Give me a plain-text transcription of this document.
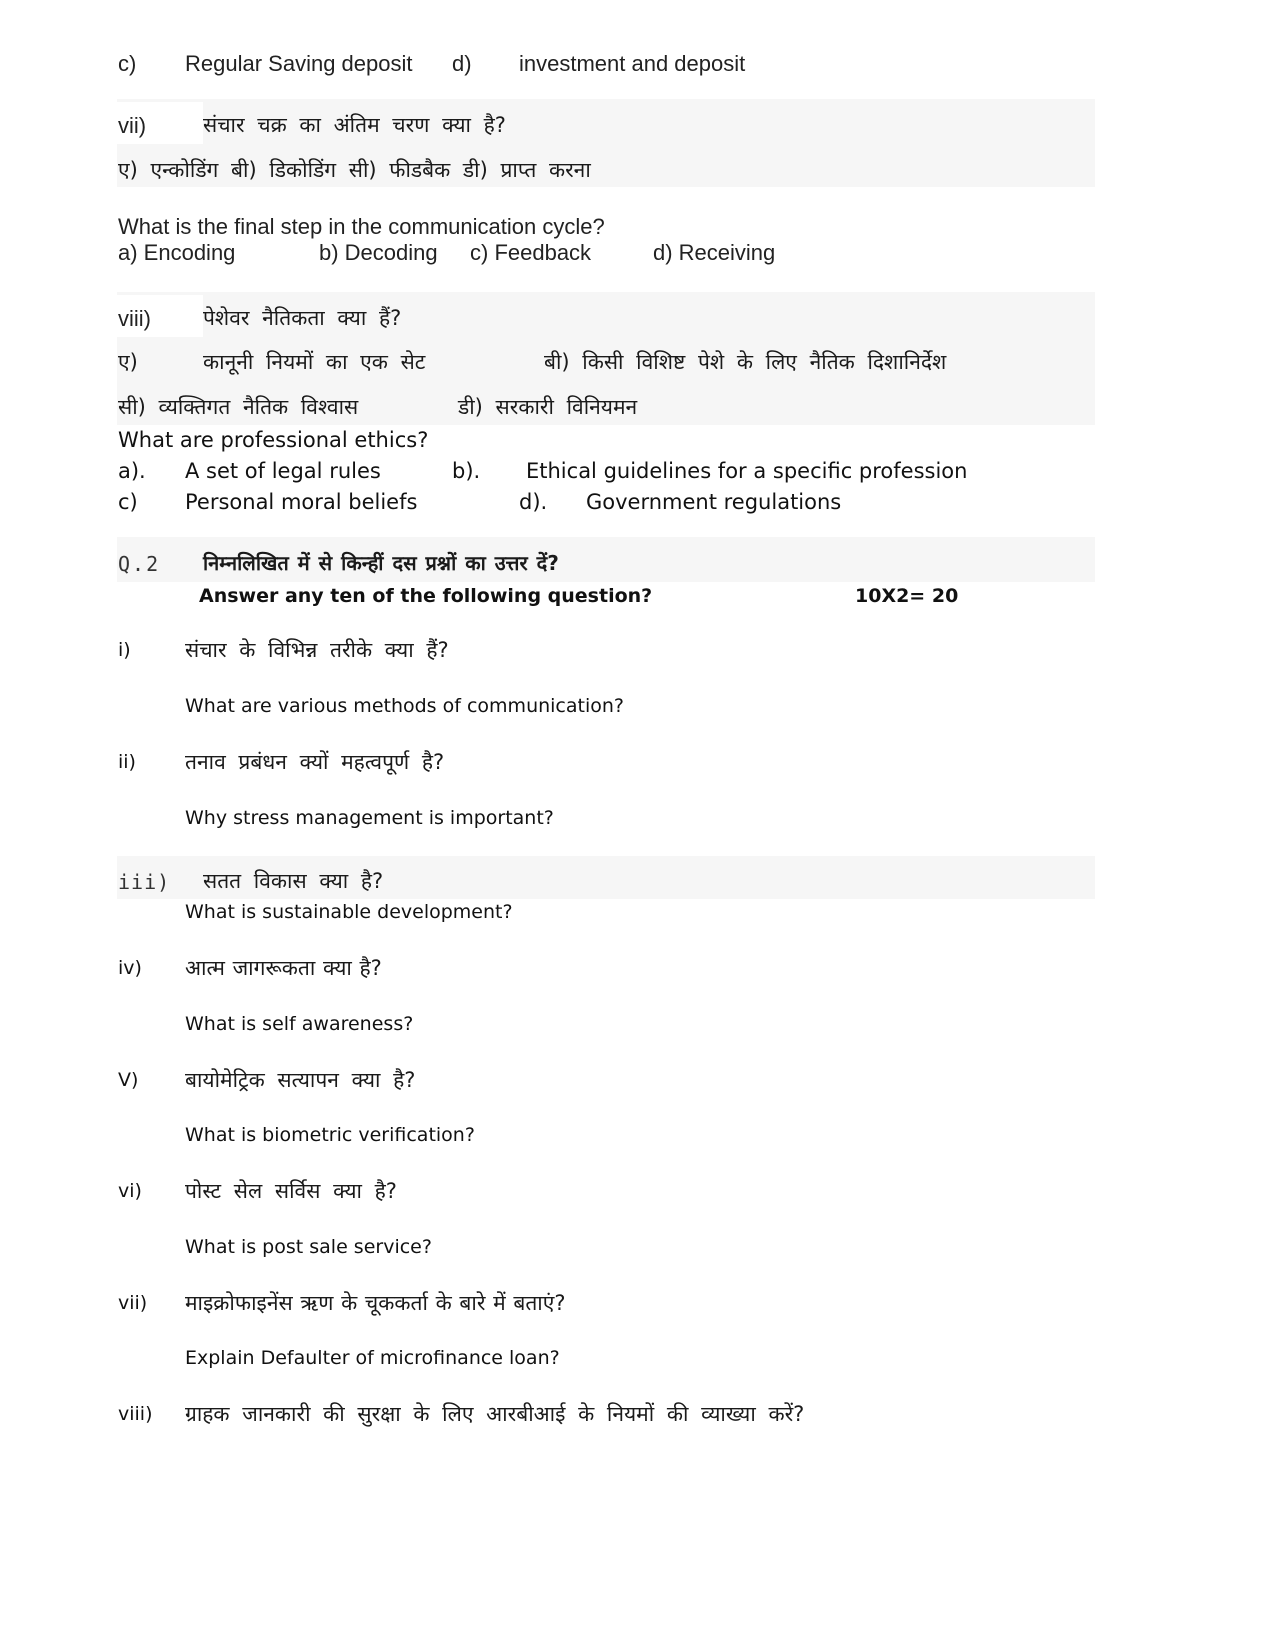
c) Regular Saving deposit d) investment and deposit
vii)	संचार चक्र का अंतिम चरण क्या है?
ए) एन्कोडिंग बी) डिकोडिंग सी) फीडबैक डी) प्राप्त करना
What is the final step in the communication cycle?
a) Encoding	b) Decoding c) Feedback	d) Receiving
viii) पेशेवर नैतिकता क्या हैं?
ए)	कानूनी नियमों का एक सेट	बी) किसी विशिष्ट पेशे के लिए नैतिक दिशानिर्देश
सी) व्यक्तिगत नैतिक विश्वास	डी) सरकारी विनियमन
What are professional ethics?
a). A set of legal rules	b). Ethical guidelines for a specific profession
c) Personal moral beliefs	d). Government regulations
Q.2 निम्नलिखित में से किन्हीं दस प्रश्नों का उत्तर दें?
Answer any ten of the following question?	10X2= 20
i)	संचार के विभिन्न तरीके क्या हैं?
What are various methods of communication?
ii) तनाव प्रबंधन क्यों महत्वपूर्ण है?
Why stress management is important?
iii) सतत विकास क्या है?
What is sustainable development?
iv) आत्म जागरूकता क्या है?
What is self awareness?
V) बायोमेट्रिक सत्यापन क्या है?
What is biometric verification?
vi) पोस्ट सेल सर्विस क्या है?
What is post sale service?
vii) माइक्रोफाइनेंस ऋण के चूककर्ता के बारे में बताएं?
Explain Defaulter of microfinance loan?
viii) ग्राहक जानकारी की सुरक्षा के लिए आरबीआई के नियमों की व्याख्या करें?
